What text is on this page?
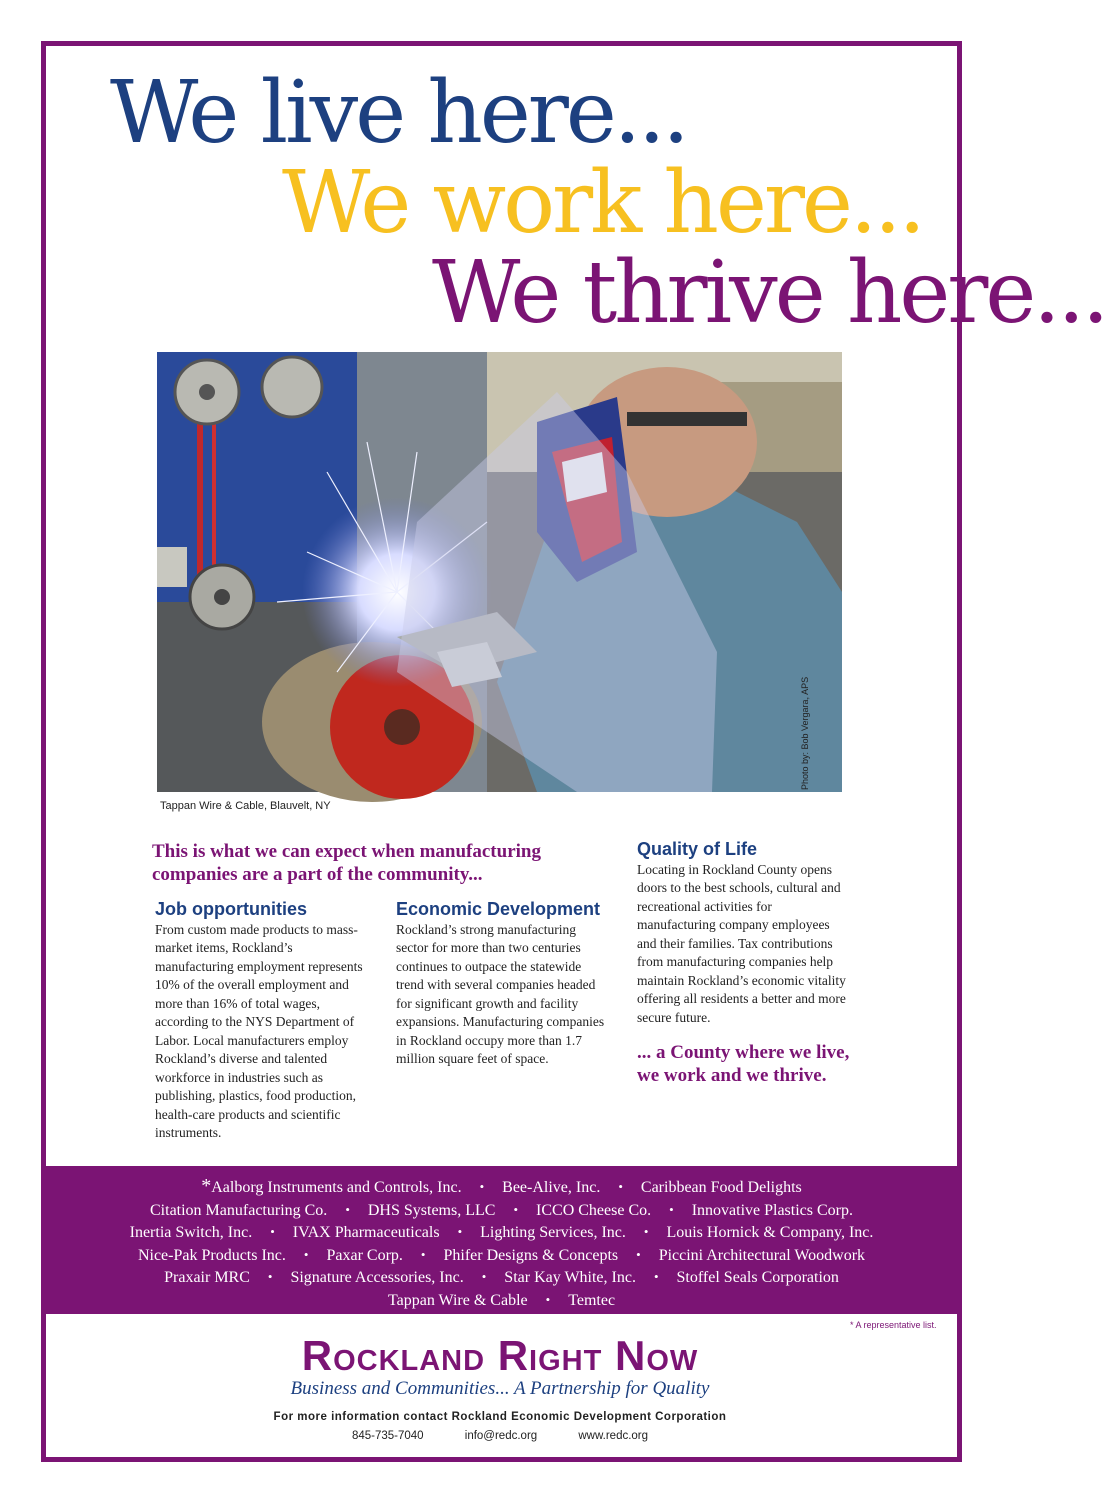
We live here...
We work here...
We thrive here...
Photo by: Bob Vergara, APS
Tappan Wire & Cable, Blauvelt, NY
This is what we can expect when manufacturing companies are a part of the community...
Job opportunities

From custom made products to mass-market items, Rockland’s manufacturing employment represents 10% of the overall employment and more than 16% of total wages, according to the NYS Department of Labor. Local manufacturers employ Rockland’s diverse and talented workforce in industries such as publishing, plastics, food production, health-care products and scientific instruments.

Economic Development

Rockland’s strong manufacturing sector for more than two centuries continues to outpace the statewide trend with several companies headed for significant growth and facility expansions. Manufacturing companies in Rockland occupy more than 1.7 million square feet of space.

Quality of Life

Locating in Rockland County opens doors to the best schools, cultural and recreational activities for manufacturing company employees and their families. Tax contributions from manufacturing companies help maintain Rockland’s economic vitality offering all residents a better and more secure future.

... a County where we live, we work and we thrive.
*Aalborg Instruments and Controls, Inc. • Bee-Alive, Inc. • Caribbean Food Delights
Citation Manufacturing Co. • DHS Systems, LLC • ICCO Cheese Co. • Innovative Plastics Corp.
Inertia Switch, Inc. • IVAX Pharmaceuticals • Lighting Services, Inc. • Louis Hornick & Company, Inc.
Nice-Pak Products Inc. • Paxar Corp. • Phifer Designs & Concepts • Piccini Architectural Woodwork
Praxair MRC • Signature Accessories, Inc. • Star Kay White, Inc. • Stoffel Seals Corporation
Tappan Wire & Cable • Temtec
* A representative list.
Rockland Right Now
Business and Communities... A Partnership for Quality
For more information contact Rockland Economic Development Corporation
845-735-7040	info@redc.org	www.redc.org
